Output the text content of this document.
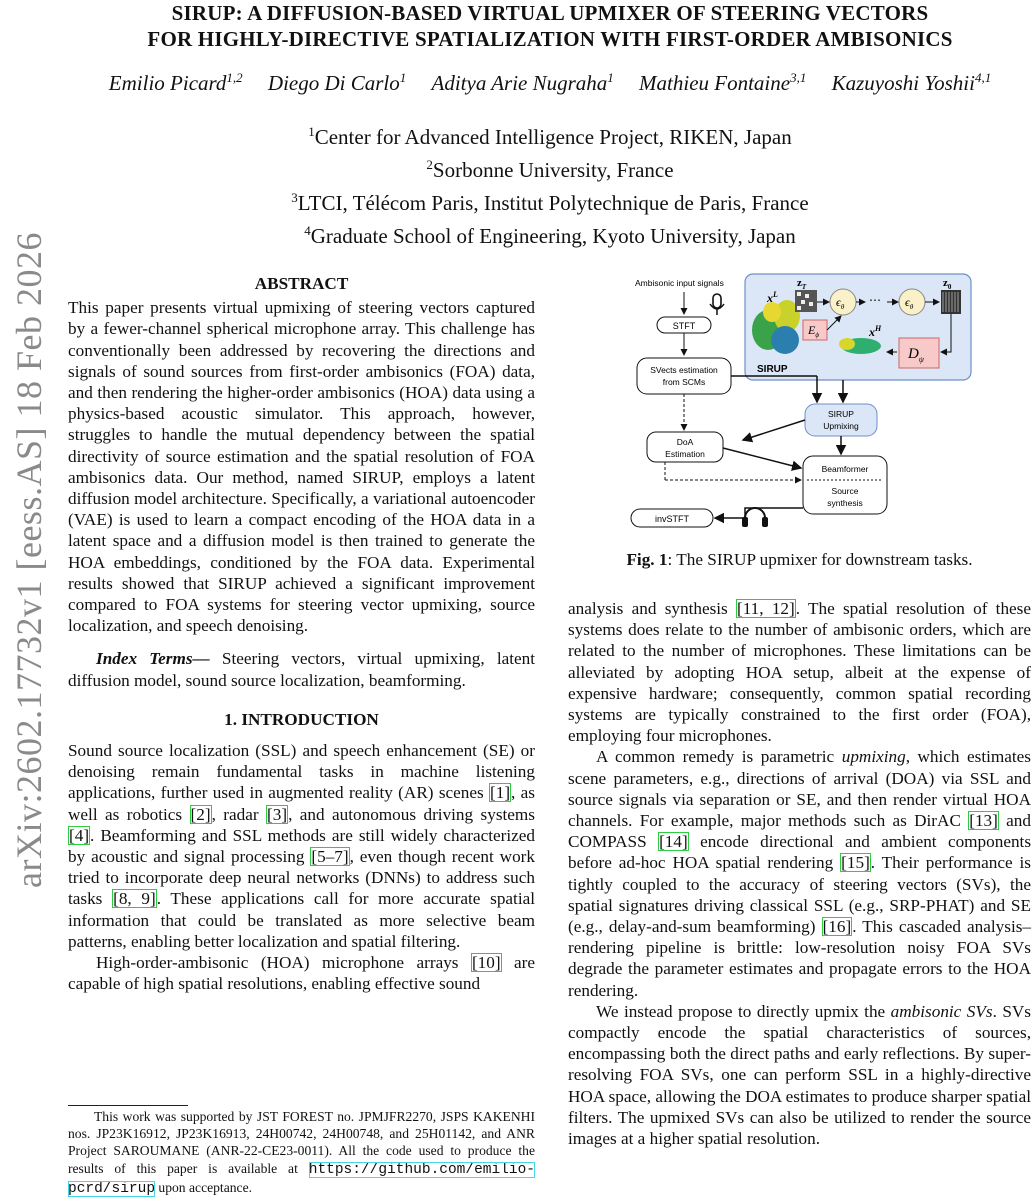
arXiv:2602.17732v1 [eess.AS] 18 Feb 2026
SIRUP: A DIFFUSION-BASED VIRTUAL UPMIXER OF STEERING VECTORS
FOR HIGHLY-DIRECTIVE SPATIALIZATION WITH FIRST-ORDER AMBISONICS
Emilio Picard$^{1,2}$ Diego Di Carlo$^1$ Aditya Arie Nugraha$^1$ Mathieu Fontaine$^{3,1}$ Kazuyoshi Yoshii$^{4,1}$
$^1$Center for Advanced Intelligence Project, RIKEN, Japan
$^2$Sorbonne University, France
$^3$LTCI, Télécom Paris, Institut Polytechnique de Paris, France
$^4$Graduate School of Engineering, Kyoto University, Japan
ABSTRACT

This paper presents virtual upmixing of steering vectors captured by a fewer-channel spherical microphone array. This challenge has conventionally been addressed by recovering the directions and signals of sound sources from first-order ambisonics (FOA) data, and then rendering the higher-order ambisonics (HOA) data using a physics-based acoustic simulator. This approach, however, struggles to handle the mutual dependency between the spatial directivity of source estimation and the spatial resolution of FOA ambisonics data. Our method, named SIRUP, employs a latent diffusion model architecture. Specifically, a variational autoencoder (VAE) is used to learn a compact encoding of the HOA data in a latent space and a diffusion model is then trained to generate the HOA embeddings, conditioned by the FOA data. Experimental results showed that SIRUP achieved a significant improvement compared to FOA systems for steering vector upmixing, source localization, and speech denoising.

Index Terms— Steering vectors, virtual upmixing, latent diffusion model, sound source localization, beamforming.

1. INTRODUCTION

Sound source localization (SSL) and speech enhancement (SE) or denoising remain fundamental tasks in machine listening applications, further used in augmented reality (AR) scenes [1], as well as robotics [2], radar [3], and autonomous driving systems [4]. Beamforming and SSL methods are still widely characterized by acoustic and signal processing [5–7], even though recent work tried to incorporate deep neural networks (DNNs) to address such tasks [8, 9]. These applications call for more accurate spatial information that could be translated as more selective beam patterns, enabling better localization and spatial filtering.

High-order-ambisonic (HOA) microphone arrays [10] are capable of high spatial resolutions, enabling effective sound

This work was supported by JST FOREST no. JPMJFR2270, JSPS KAKENHI nos. JP23K16912, JP23K16913, 24H00742, 24H00748, and 25H01142, and ANR Project SAROUMANE (ANR-22-CE23-0011). All the code used to produce the results of this paper is available at https://github.com/emilio-pcrd/sirup upon acceptance.
SIRUP
$x^L$
$z_T$
$\epsilon_\theta$	$\epsilon_\theta$
⋯
$z_0$
$E_\phi$	$x^H$
$D_\psi$
Ambisonic input signals
STFT
SVects estimation
from SCMs
SIRUP
Upmixing
DoA
Estimation
Beamformer
Source
synthesis
invSTFT
Fig. 1: The SIRUP upmixer for downstream tasks.

analysis and synthesis [11, 12]. The spatial resolution of these systems does relate to the number of ambisonic orders, which are related to the number of microphones. These limitations can be alleviated by adopting HOA setup, albeit at the expense of expensive hardware; consequently, common spatial recording systems are typically constrained to the first order (FOA), employing four microphones.

A common remedy is parametric upmixing, which estimates scene parameters, e.g., directions of arrival (DOA) via SSL and source signals via separation or SE, and then render virtual HOA channels. For example, major methods such as DirAC [13] and COMPASS [14] encode directional and ambient components before ad-hoc HOA spatial rendering [15]. Their performance is tightly coupled to the accuracy of steering vectors (SVs), the spatial signatures driving classical SSL (e.g., SRP-PHAT) and SE (e.g., delay-and-sum beamforming) [16]. This cascaded analysis–rendering pipeline is brittle: low-resolution noisy FOA SVs degrade the parameter estimates and propagate errors to the HOA rendering.

We instead propose to directly upmix the ambisonic SVs. SVs compactly encode the spatial characteristics of sources, encompassing both the direct paths and early reflections. By super-resolving FOA SVs, one can perform SSL in a highly-directive HOA space, allowing the DOA estimates to produce sharper spatial filters. The upmixed SVs can also be utilized to render the source images at a higher spatial resolution.
